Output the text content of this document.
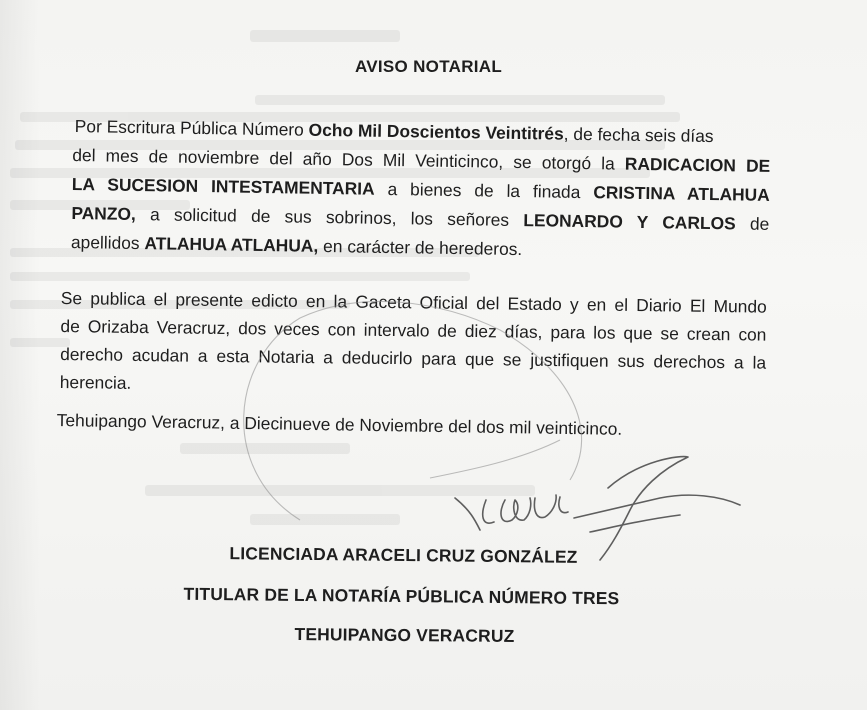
AVISO NOTARIAL
Por Escritura Pública Número Ocho Mil Doscientos Veintitrés, de fecha seis días
del mes de noviembre del año Dos Mil Veinticinco, se otorgó la RADICACION DE
LA SUCESION INTESTAMENTARIA a bienes de la finada CRISTINA ATLAHUA
PANZO, a solicitud de sus sobrinos, los señores LEONARDO Y CARLOS de
apellidos ATLAHUA ATLAHUA, en carácter de herederos.
Se publica el presente edicto en la Gaceta Oficial del Estado y en el Diario El Mundo
de Orizaba Veracruz, dos veces con intervalo de diez días, para los que se crean con
derecho acudan a esta Notaria a deducirlo para que se justifiquen sus derechos a la
herencia.
Tehuipango Veracruz, a Diecinueve de Noviembre del dos mil veinticinco.
LICENCIADA ARACELI CRUZ GONZÁLEZ
TITULAR DE LA NOTARÍA PÚBLICA NÚMERO TRES
TEHUIPANGO VERACRUZ
